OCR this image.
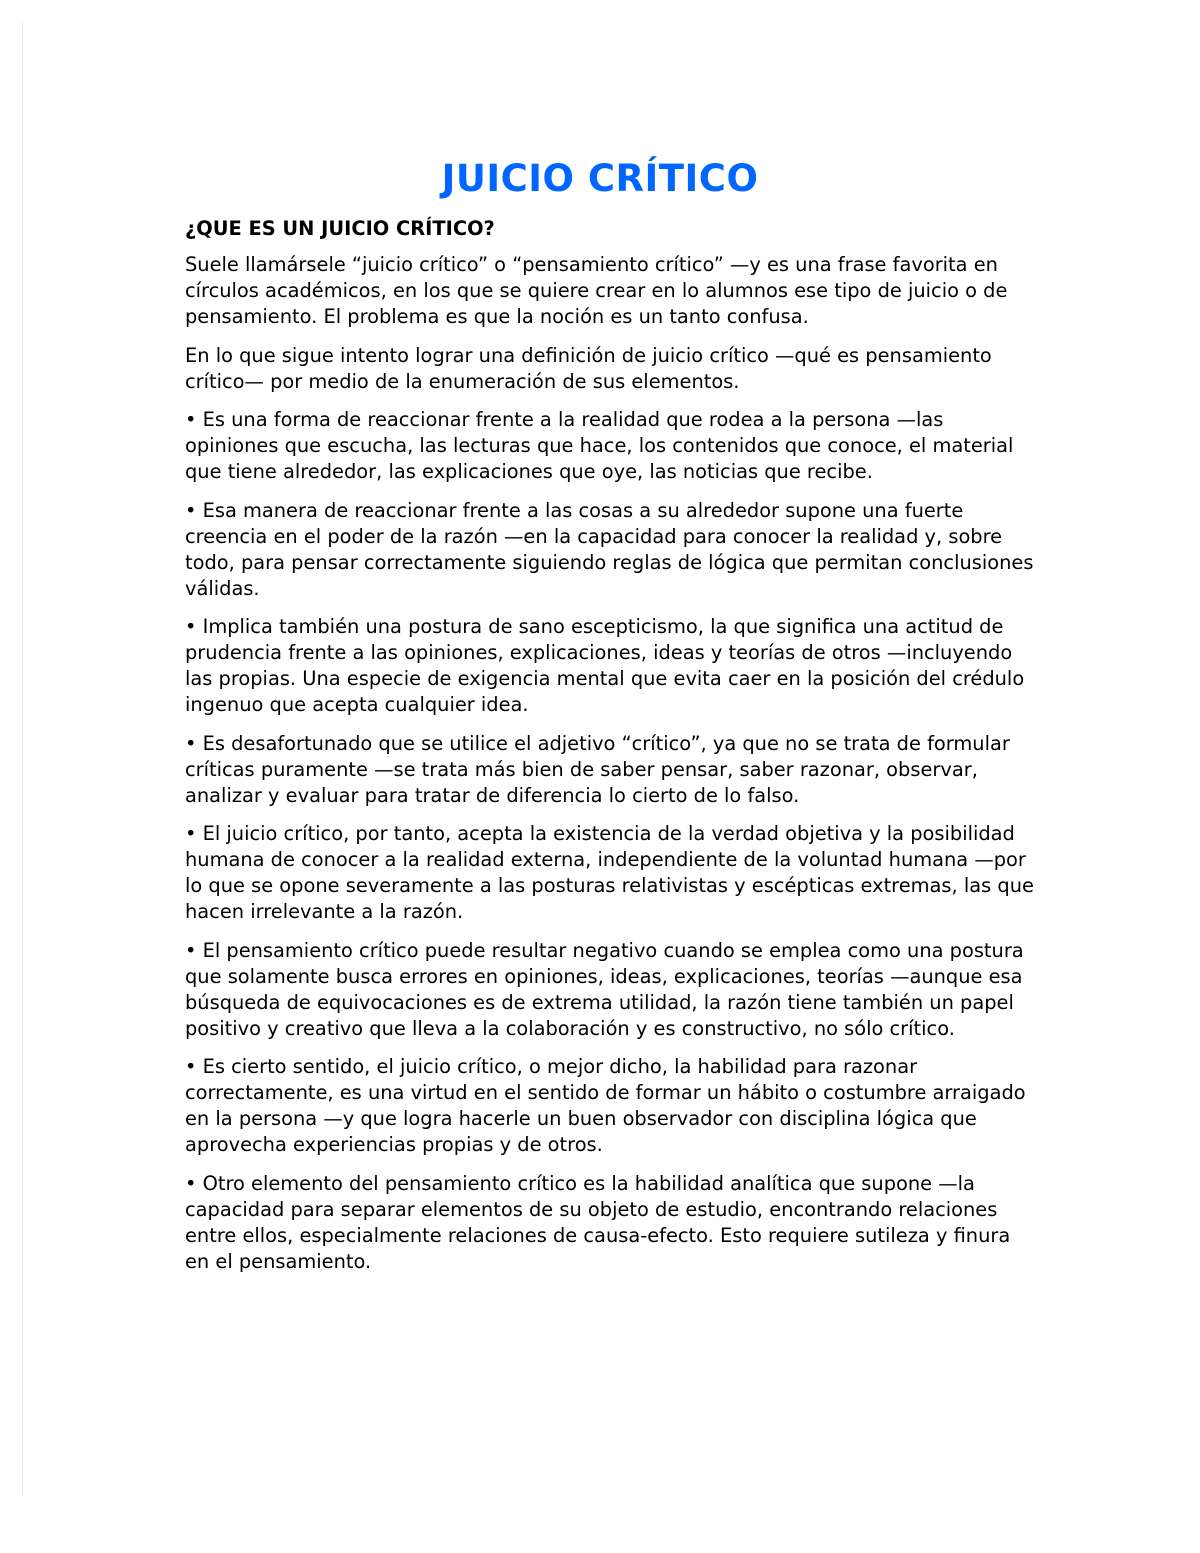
JUICIO CRÍTICO

¿QUE ES UN JUICIO CRÍTICO?

Suele llamársele “juicio crítico” o “pensamiento crítico” —y es una frase favorita en círculos académicos, en los que se quiere crear en lo alumnos ese tipo de juicio o de pensamiento. El problema es que la noción es un tanto confusa.

En lo que sigue intento lograr una definición de juicio crítico —qué es pensamiento crítico— por medio de la enumeración de sus elementos.

• Es una forma de reaccionar frente a la realidad que rodea a la persona —las opiniones que escucha, las lecturas que hace, los contenidos que conoce, el material que tiene alrededor, las explicaciones que oye, las noticias que recibe.

• Esa manera de reaccionar frente a las cosas a su alrededor supone una fuerte creencia en el poder de la razón —en la capacidad para conocer la realidad y, sobre todo, para pensar correctamente siguiendo reglas de lógica que permitan conclusiones válidas.

• Implica también una postura de sano escepticismo, la que significa una actitud de prudencia frente a las opiniones, explicaciones, ideas y teorías de otros —incluyendo las propias. Una especie de exigencia mental que evita caer en la posición del crédulo ingenuo que acepta cualquier idea.

• Es desafortunado que se utilice el adjetivo “crítico”, ya que no se trata de formular críticas puramente —se trata más bien de saber pensar, saber razonar, observar, analizar y evaluar para tratar de diferencia lo cierto de lo falso.

• El juicio crítico, por tanto, acepta la existencia de la verdad objetiva y la posibilidad humana de conocer a la realidad externa, independiente de la voluntad humana —por lo que se opone severamente a las posturas relativistas y escépticas extremas, las que hacen irrelevante a la razón.

• El pensamiento crítico puede resultar negativo cuando se emplea como una postura que solamente busca errores en opiniones, ideas, explicaciones, teorías —aunque esa búsqueda de equivocaciones es de extrema utilidad, la razón tiene también un papel positivo y creativo que lleva a la colaboración y es constructivo, no sólo crítico.

• Es cierto sentido, el juicio crítico, o mejor dicho, la habilidad para razonar correctamente, es una virtud en el sentido de formar un hábito o costumbre arraigado en la persona —y que logra hacerle un buen observador con disciplina lógica que aprovecha experiencias propias y de otros.

• Otro elemento del pensamiento crítico es la habilidad analítica que supone —la capacidad para separar elementos de su objeto de estudio, encontrando relaciones entre ellos, especialmente relaciones de causa-efecto. Esto requiere sutileza y finura en el pensamiento.
